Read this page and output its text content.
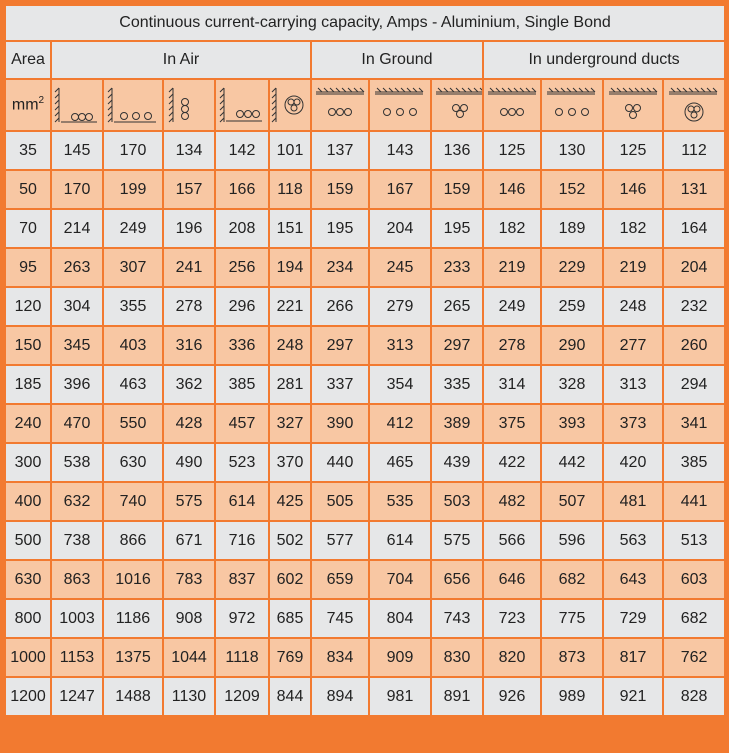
Continuous current-carrying capacity, Amps - Aluminium, Single Bond												
Area	In Air					In Ground			In underground ducts			
$mm^2$	

35	145	170	134	142	101	137	143	136	125	130	125	112
50	170	199	157	166	118	159	167	159	146	152	146	131
70	214	249	196	208	151	195	204	195	182	189	182	164
95	263	307	241	256	194	234	245	233	219	229	219	204
120	304	355	278	296	221	266	279	265	249	259	248	232
150	345	403	316	336	248	297	313	297	278	290	277	260
185	396	463	362	385	281	337	354	335	314	328	313	294
240	470	550	428	457	327	390	412	389	375	393	373	341
300	538	630	490	523	370	440	465	439	422	442	420	385
400	632	740	575	614	425	505	535	503	482	507	481	441
500	738	866	671	716	502	577	614	575	566	596	563	513
630	863	1016	783	837	602	659	704	656	646	682	643	603
800	1003	1186	908	972	685	745	804	743	723	775	729	682
1000	1153	1375	1044	1118	769	834	909	830	820	873	817	762
1200	1247	1488	1130	1209	844	894	981	891	926	989	921	828
